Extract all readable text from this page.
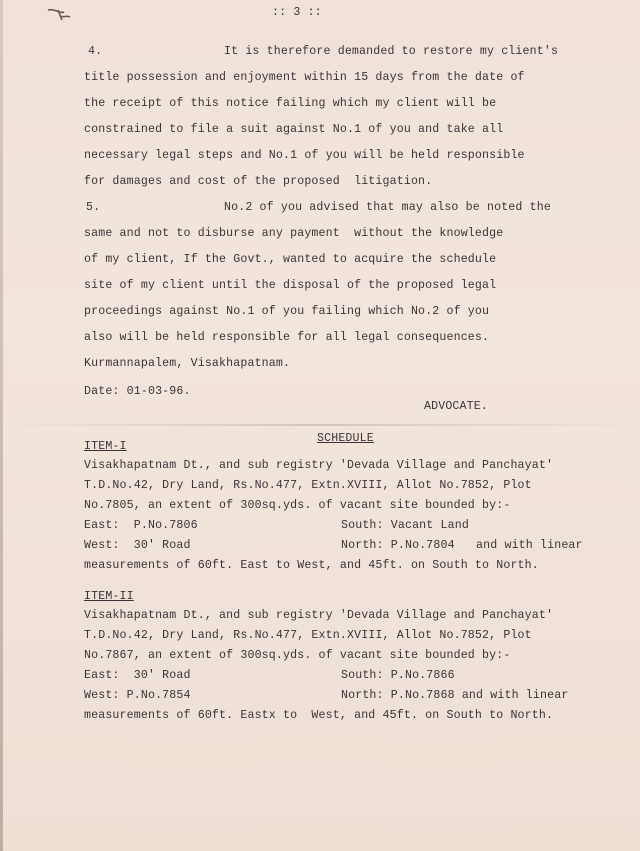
:: 3 ::
4.	It is therefore demanded to restore my client's
title possession and enjoyment within 15 days from the date of
the receipt of this notice failing which my client will be
constrained to file a suit against No.1 of you and take all
necessary legal steps and No.1 of you will be held responsible
for damages and cost of the proposed  litigation.
5.	No.2 of you advised that may also be noted the
same and not to disburse any payment  without the knowledge
of my client, If the Govt., wanted to acquire the schedule
site of my client until the disposal of the proposed legal
proceedings against No.1 of you failing which No.2 of you
also will be held responsible for all legal consequences.
Kurmannapalem, Visakhapatnam.
Date: 01-03-96.
ADVOCATE.
SCHEDULE
ITEM-I
Visakhapatnam Dt., and sub registry 'Devada Village and Panchayat'
T.D.No.42, Dry Land, Rs.No.477, Extn.XVIII, Allot No.7852, Plot
No.7805, an extent of 300sq.yds. of vacant site bounded by:-
East:  P.No.7806	South: Vacant Land
West:  30' Road	North: P.No.7804   and with linear
measurements of 60ft. East to West, and 45ft. on South to North.
ITEM-II
Visakhapatnam Dt., and sub registry 'Devada Village and Panchayat'
T.D.No.42, Dry Land, Rs.No.477, Extn.XVIII, Allot No.7852, Plot
No.7867, an extent of 300sq.yds. of vacant site bounded by:-
East:  30' Road	South: P.No.7866
West: P.No.7854	North: P.No.7868 and with linear
measurements of 60ft. Eastx to  West, and 45ft. on South to North.
